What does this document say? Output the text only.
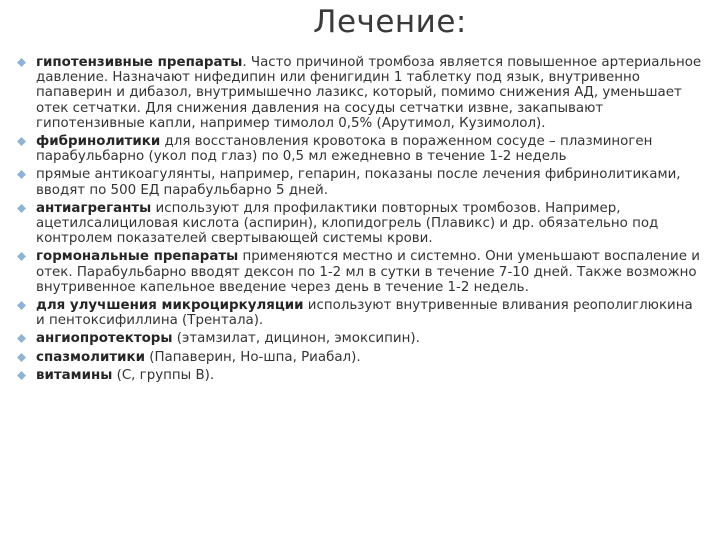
Лечение:
гипотензивные препараты. Часто причиной тромбоза является повышенное артериальное давление. Назначают нифедипин или фенигидин 1 таблетку под язык, внутривенно папаверин и дибазол, внутримышечно лазикс, который, помимо снижения АД, уменьшает отек сетчатки. Для снижения давления на сосуды сетчатки извне, закапывают гипотензивные капли, например тимолол 0,5% (Арутимол, Кузимолол).
фибринолитики для восстановления кровотока в пораженном сосуде – плазминоген парабульбарно (укол под глаз) по 0,5 мл ежедневно в течение 1-2 недель
прямые антикоагулянты, например, гепарин, показаны после лечения фибринолитиками, вводят по 500 ЕД парабульбарно 5 дней.
антиагреганты используют для профилактики повторных тромбозов. Например, ацетилсалициловая кислота (аспирин), клопидогрель (Плавикс) и др. обязательно под контролем показателей свертывающей системы крови.
гормональные препараты применяются местно и системно. Они уменьшают воспаление и отек. Парабульбарно вводят дексон по 1-2 мл в сутки в течение 7-10 дней. Также возможно внутривенное капельное введение через день в течение 1-2 недель.
для улучшения микроциркуляции используют внутривенные вливания реополиглюкина и пентоксифиллина (Трентала).
ангиопротекторы (этамзилат, дицинон, эмоксипин).
спазмолитики (Папаверин, Но-шпа, Риабал).
витамины (С, группы В).
